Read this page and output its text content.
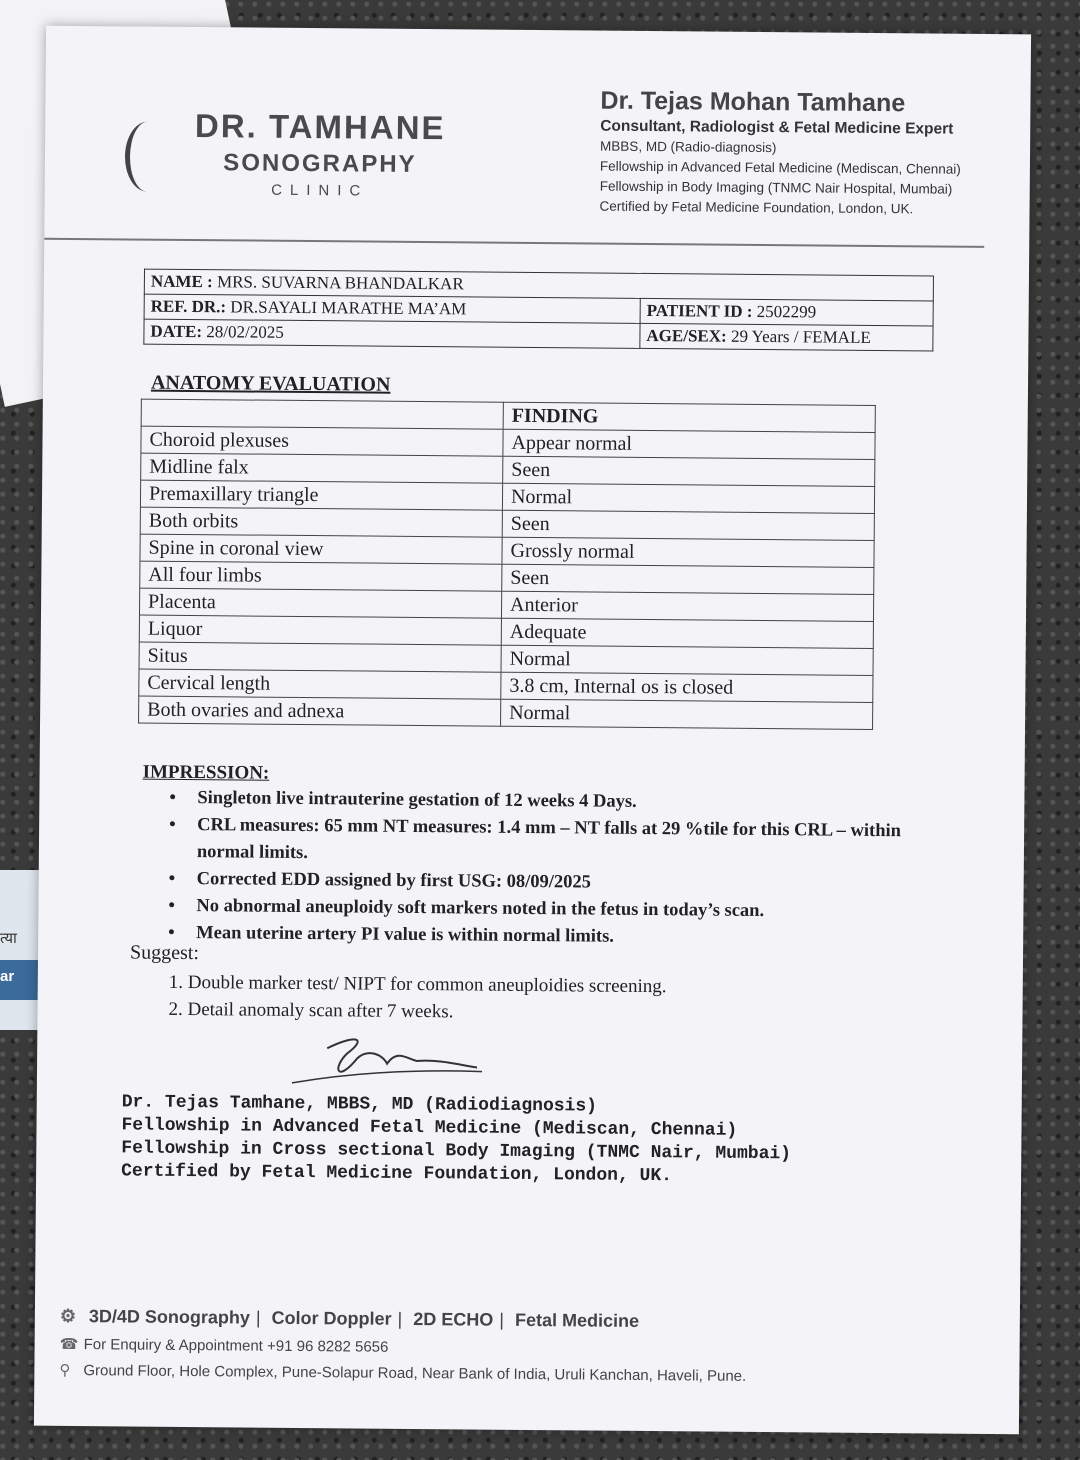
त्या
ar
DR. TAMHANE
SONOGRAPHY
CLINIC
Dr. Tejas Mohan Tamhane
Consultant, Radiologist & Fetal Medicine Expert
MBBS, MD (Radio-diagnosis)
Fellowship in Advanced Fetal Medicine (Mediscan, Chennai)
Fellowship in Body Imaging (TNMC Nair Hospital, Mumbai)
Certified by Fetal Medicine Foundation, London, UK.
NAME : MRS. SUVARNA BHANDALKAR	
REF. DR.: DR.SAYALI MARATHE MA’AM	PATIENT ID : 2502299
DATE: 28/02/2025	AGE/SEX: 29 Years / FEMALE
ANATOMY EVALUATION
	FINDING
Choroid plexuses	Appear normal
Midline falx	Seen
Premaxillary triangle	Normal
Both orbits	Seen
Spine in coronal view	Grossly normal
All four limbs	Seen
Placenta	Anterior
Liquor	Adequate
Situs	Normal
Cervical length	3.8 cm, Internal os is closed
Both ovaries and adnexa	Normal
IMPRESSION:
• Singleton live intrauterine gestation of 12 weeks 4 Days.
• CRL measures: 65 mm NT measures: 1.4 mm – NT falls at 29 %tile for this CRL – within normal limits.
• Corrected EDD assigned by first USG: 08/09/2025
• No abnormal aneuploidy soft markers noted in the fetus in today’s scan.
• Mean uterine artery PI value is within normal limits.
Suggest:
1. Double marker test/ NIPT for common aneuploidies screening.
2. Detail anomaly scan after 7 weeks.
Dr. Tejas Tamhane, MBBS, MD (Radiodiagnosis)
Fellowship in Advanced Fetal Medicine (Mediscan, Chennai)
Fellowship in Cross sectional Body Imaging (TNMC Nair, Mumbai)
Certified by Fetal Medicine Foundation, London, UK.
⚙ 3D/4D Sonography | Color Doppler | 2D ECHO | Fetal Medicine
☎ For Enquiry & Appointment +91 96 8282 5656
⚲ Ground Floor, Hole Complex, Pune-Solapur Road, Near Bank of India, Uruli Kanchan, Haveli, Pune.
